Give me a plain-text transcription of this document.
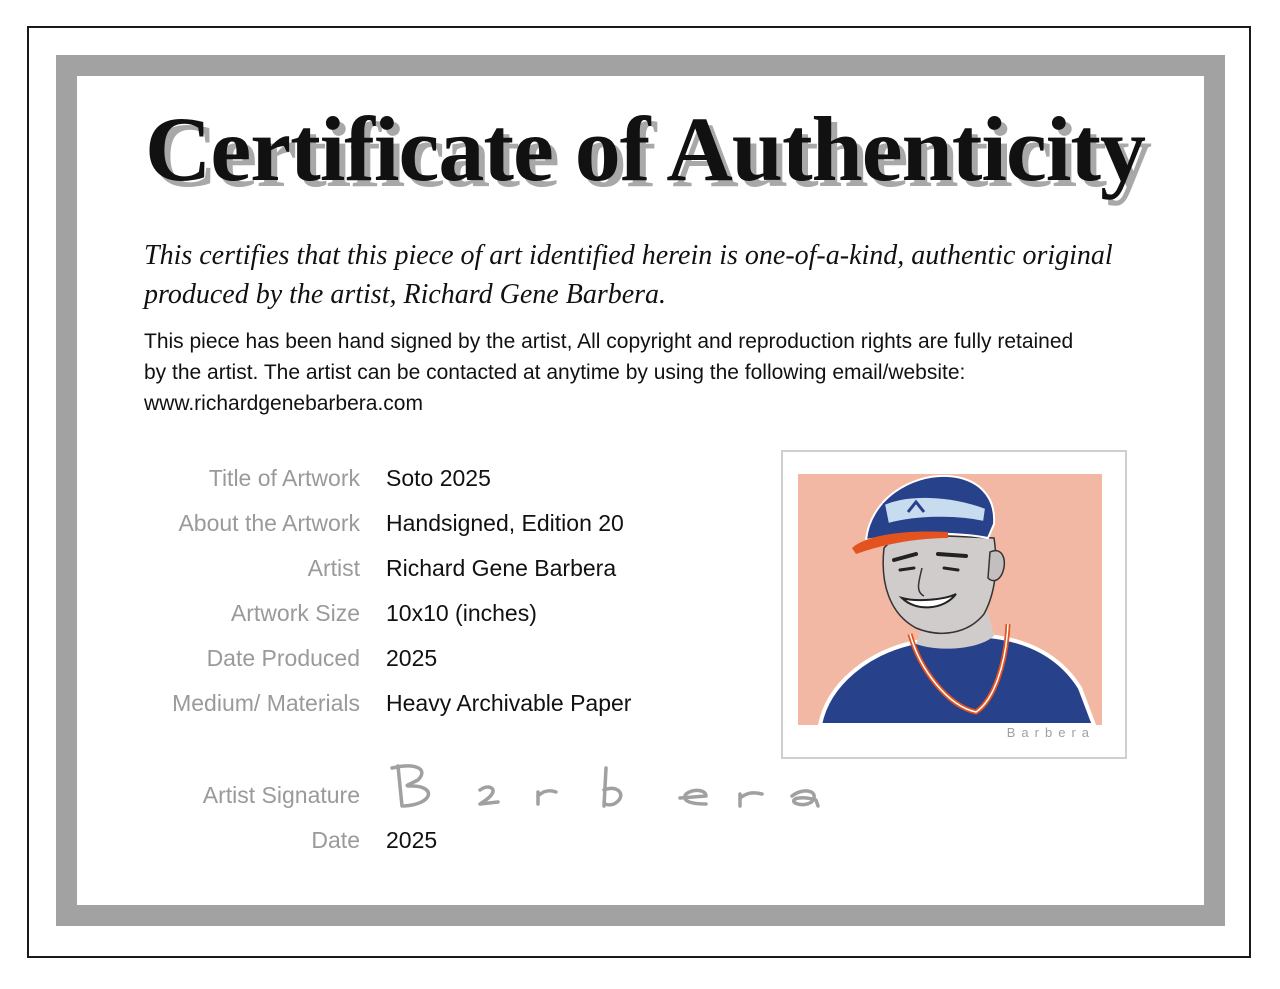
Certificate of Authenticity

This certifies that this piece of art identified herein is one-of-a-kind, authentic original produced by the artist, Richard Gene Barbera.

This piece has been hand signed by the artist, All copyright and reproduction rights are fully retained by the artist. The artist can be contacted at anytime by using the following email/website: www.richardgenebarbera.com

Title of Artwork Soto 2025
About the Artwork Handsigned, Edition 20
Artist Richard Gene Barbera
Artwork Size 10x10 (inches)
Date Produced 2025
Medium/ Materials Heavy Archivable Paper
Artist Signature
Date 2025
Barbera
